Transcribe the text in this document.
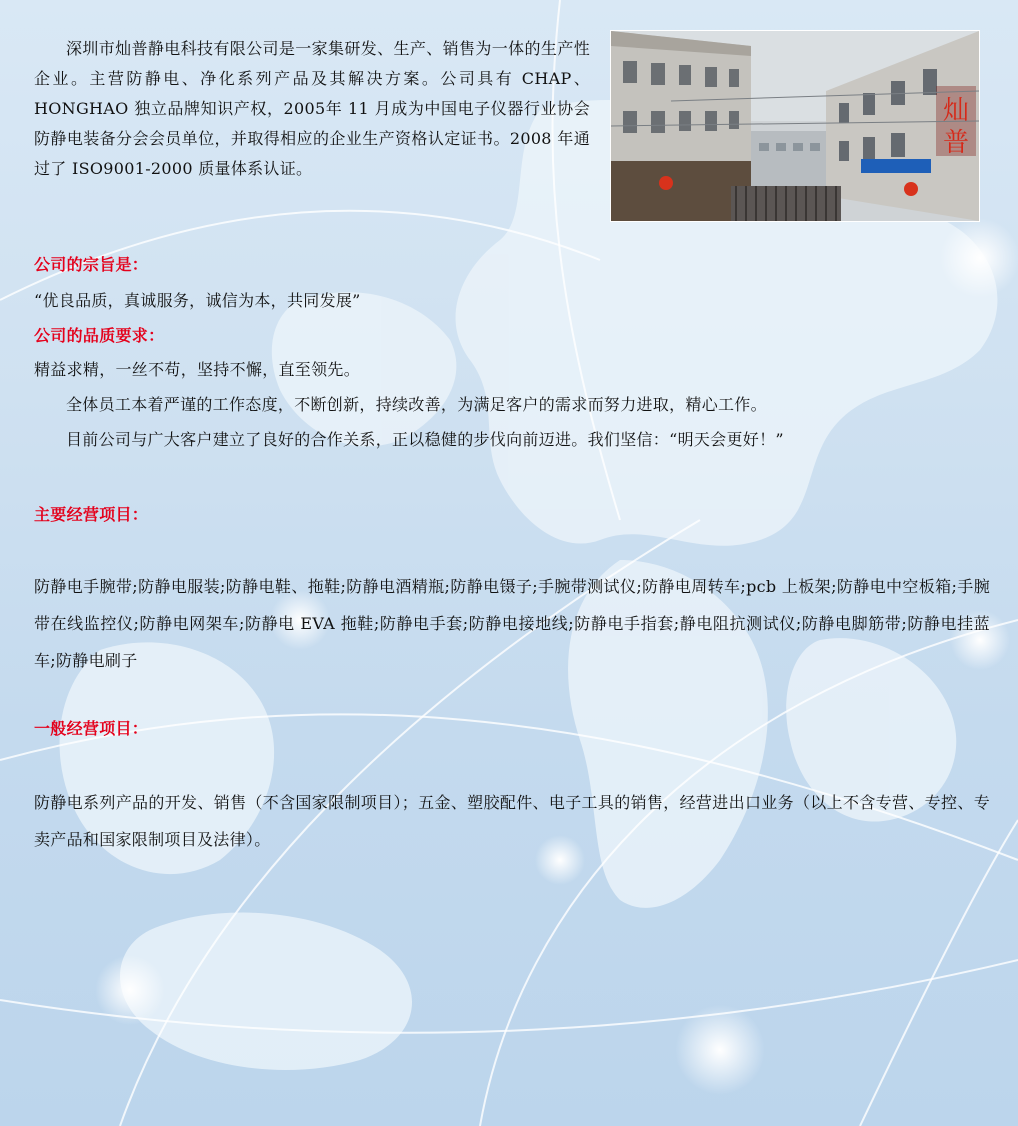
深圳市灿普静电科技有限公司是一家集研发、生产、销售为一体的生产性企业。主营防静电、净化系列产品及其解决方案。公司具有 CHAP、HONGHAO 独立品牌知识产权，2005年 11 月成为中国电子仪器行业协会防静电装备分会会员单位，并取得相应的企业生产资格认定证书。2008 年通过了 ISO9001-2000 质量体系认证。
灿
普
公司的宗旨是：
“优良品质，真诚服务，诚信为本，共同发展”
公司的品质要求：
精益求精，一丝不苟，坚持不懈，直至领先。
全体员工本着严谨的工作态度，不断创新，持续改善，为满足客户的需求而努力进取，精心工作。
目前公司与广大客户建立了良好的合作关系，正以稳健的步伐向前迈进。我们坚信：“明天会更好！”
主要经营项目：
防静电手腕带;防静电服装;防静电鞋、拖鞋;防静电酒精瓶;防静电镊子;手腕带测试仪;防静电周转车;pcb 上板架;防静电中空板箱;手腕带在线监控仪;防静电网架车;防静电 EVA 拖鞋;防静电手套;防静电接地线;防静电手指套;静电阻抗测试仪;防静电脚筋带;防静电挂蓝车;防静电刷子
一般经营项目：
防静电系列产品的开发、销售（不含国家限制项目）；五金、塑胶配件、电子工具的销售，经营进出口业务（以上不含专营、专控、专卖产品和国家限制项目及法律）。
